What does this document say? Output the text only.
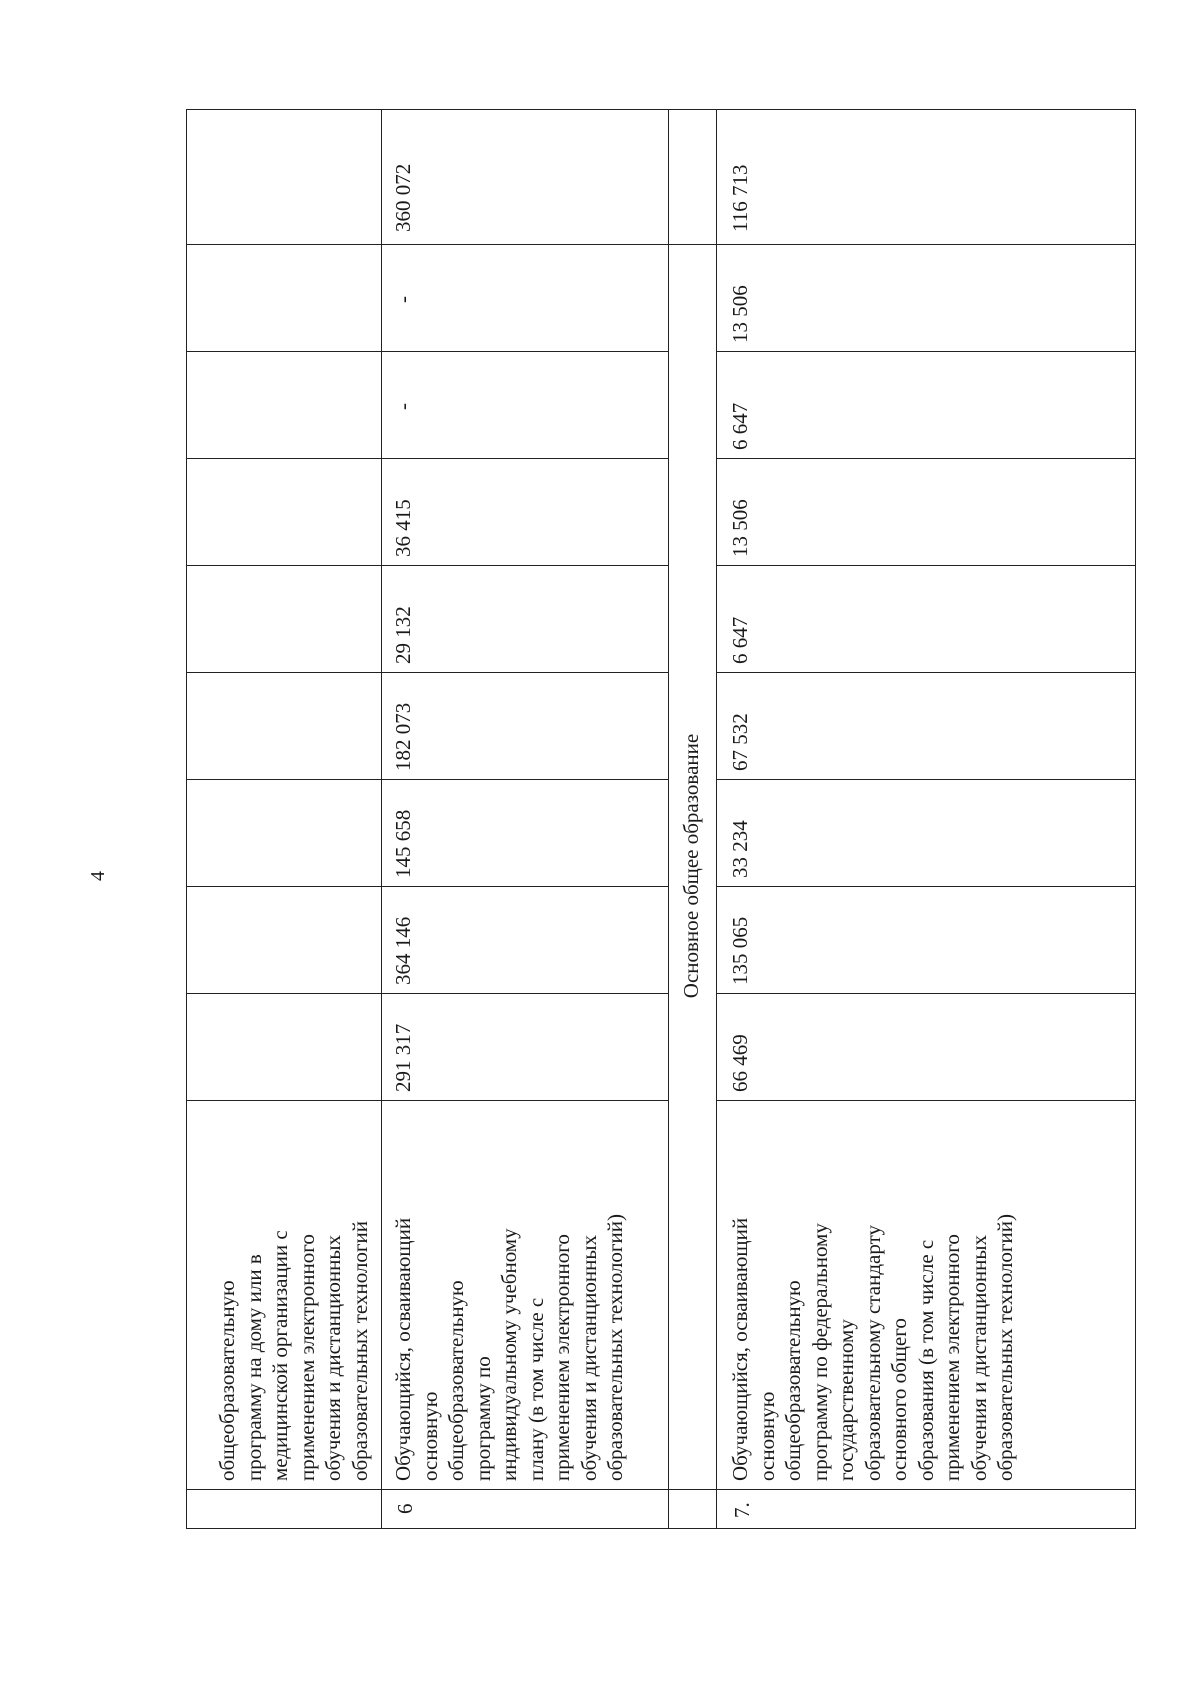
4
общеобразовательную
программу на дому или в
медицинской организации с
применением электронного
обучения и дистанционных
образовательных технологий
6
Обучающийся, осваивающий
основную
общеобразовательную
программу по
индивидуальному учебному
плану (в том числе с
применением электронного
обучения и дистанционных
образовательных технологий)
291 317
364 146
145 658
182 073
29 132
36 415
-
-
360 072
Основное общее образование
7.
Обучающийся, осваивающий
основную
общеобразовательную
программу по федеральному
государственному
образовательному стандарту
основного общего
образования (в том числе с
применением электронного
обучения и дистанционных
образовательных технологий)
66 469
135 065
33 234
67 532
6 647
13 506
6 647
13 506
116 713
